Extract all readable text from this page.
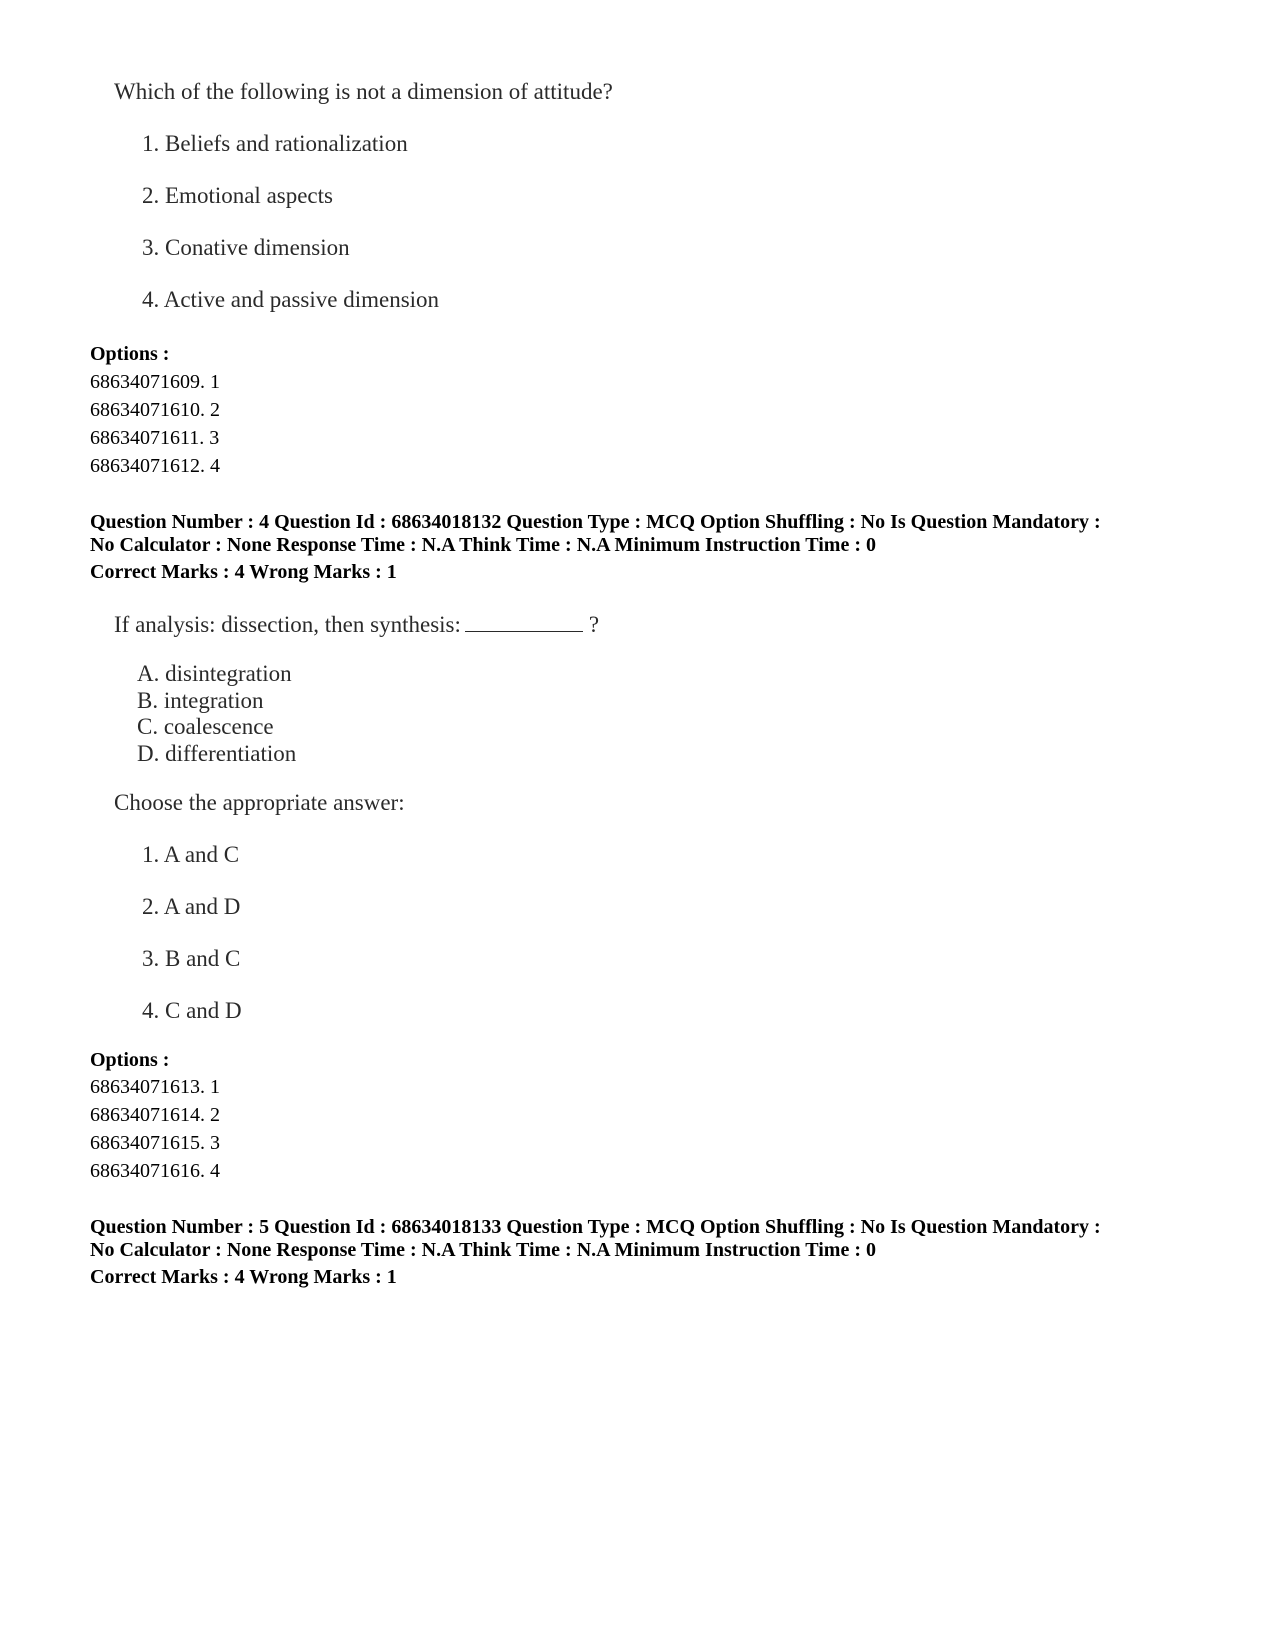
Which of the following is not a dimension of attitude?
1. Beliefs and rationalization
2. Emotional aspects
3. Conative dimension
4. Active and passive dimension
Options :
68634071609. 1
68634071610. 2
68634071611. 3
68634071612. 4
Question Number : 4 Question Id : 68634018132 Question Type : MCQ Option Shuffling : No Is Question Mandatory :
No Calculator : None Response Time : N.A Think Time : N.A Minimum Instruction Time : 0
Correct Marks : 4 Wrong Marks : 1
If analysis: dissection, then synthesis:	?
A. disintegration
B. integration
C. coalescence
D. differentiation
Choose the appropriate answer:
1. A and C
2. A and D
3. B and C
4. C and D
Options :
68634071613. 1
68634071614. 2
68634071615. 3
68634071616. 4
Question Number : 5 Question Id : 68634018133 Question Type : MCQ Option Shuffling : No Is Question Mandatory :
No Calculator : None Response Time : N.A Think Time : N.A Minimum Instruction Time : 0
Correct Marks : 4 Wrong Marks : 1
